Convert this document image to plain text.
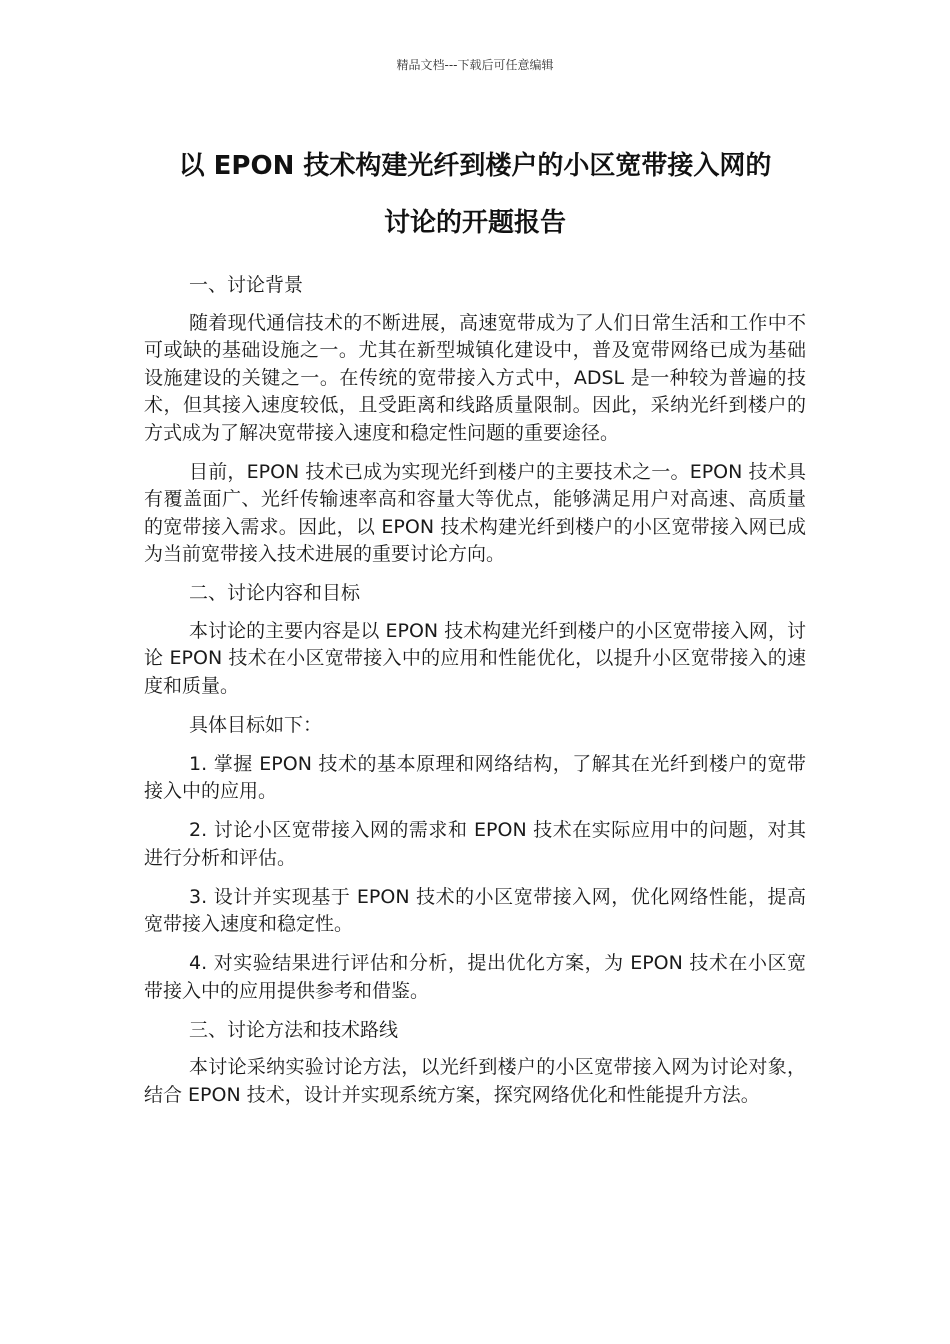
精品文档---下载后可任意编辑
以 EPON 技术构建光纤到楼户的小区宽带接入网的
讨论的开题报告

一、讨论背景

随着现代通信技术的不断进展，高速宽带成为了人们日常生活和工作中不可或缺的基础设施之一。尤其在新型城镇化建设中，普及宽带网络已成为基础设施建设的关键之一。在传统的宽带接入方式中，ADSL 是一种较为普遍的技术，但其接入速度较低，且受距离和线路质量限制。因此，采纳光纤到楼户的方式成为了解决宽带接入速度和稳定性问题的重要途径。

目前，EPON 技术已成为实现光纤到楼户的主要技术之一。EPON 技术具有覆盖面广、光纤传输速率高和容量大等优点，能够满足用户对高速、高质量的宽带接入需求。因此，以 EPON 技术构建光纤到楼户的小区宽带接入网已成为当前宽带接入技术进展的重要讨论方向。

二、讨论内容和目标

本讨论的主要内容是以 EPON 技术构建光纤到楼户的小区宽带接入网，讨论 EPON 技术在小区宽带接入中的应用和性能优化，以提升小区宽带接入的速度和质量。

具体目标如下：

1. 掌握 EPON 技术的基本原理和网络结构，了解其在光纤到楼户的宽带接入中的应用。

2. 讨论小区宽带接入网的需求和 EPON 技术在实际应用中的问题，对其进行分析和评估。

3. 设计并实现基于 EPON 技术的小区宽带接入网，优化网络性能，提高宽带接入速度和稳定性。

4. 对实验结果进行评估和分析，提出优化方案，为 EPON 技术在小区宽带接入中的应用提供参考和借鉴。

三、讨论方法和技术路线

本讨论采纳实验讨论方法，以光纤到楼户的小区宽带接入网为讨论对象，结合 EPON 技术，设计并实现系统方案，探究网络优化和性能提升方法。
